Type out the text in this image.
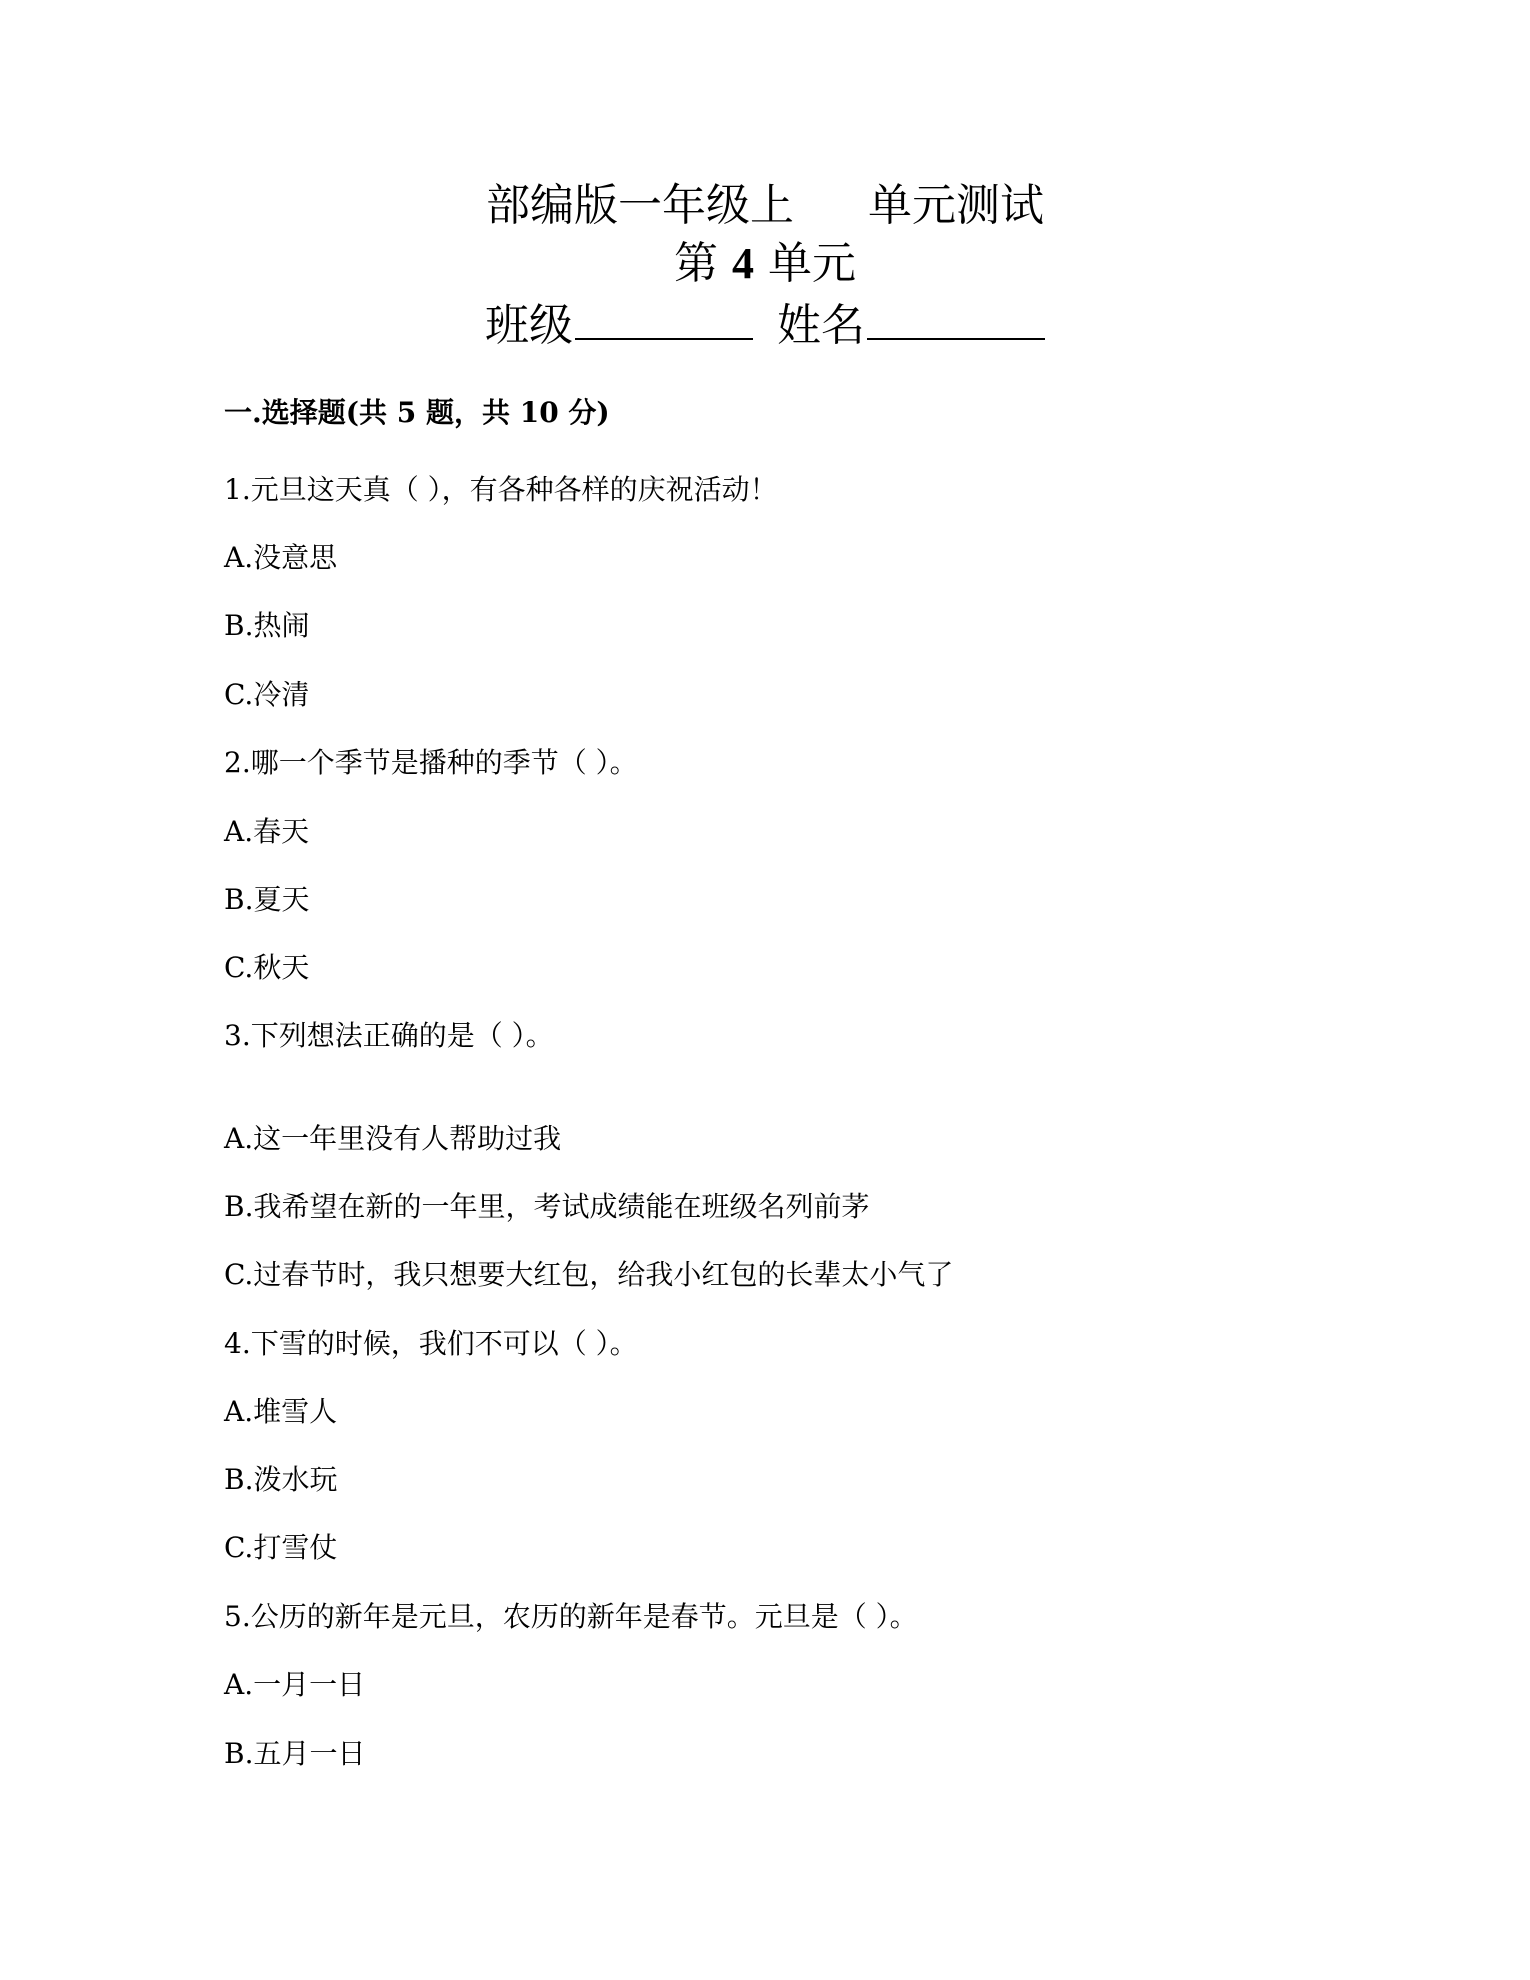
部编版一年级上 单元测试
第 4 单元
班级	姓名
一.选择题(共 5 题，共 10 分)
1.元旦这天真（ ），有各种各样的庆祝活动！
A.没意思
B.热闹
C.冷清
2.哪一个季节是播种的季节（ ）。
A.春天
B.夏天
C.秋天
3.下列想法正确的是（ ）。
A.这一年里没有人帮助过我
B.我希望在新的一年里，考试成绩能在班级名列前茅
C.过春节时，我只想要大红包，给我小红包的长辈太小气了
4.下雪的时候，我们不可以（ ）。
A.堆雪人
B.泼水玩
C.打雪仗
5.公历的新年是元旦，农历的新年是春节。元旦是（ ）。
A.一月一日
B.五月一日
